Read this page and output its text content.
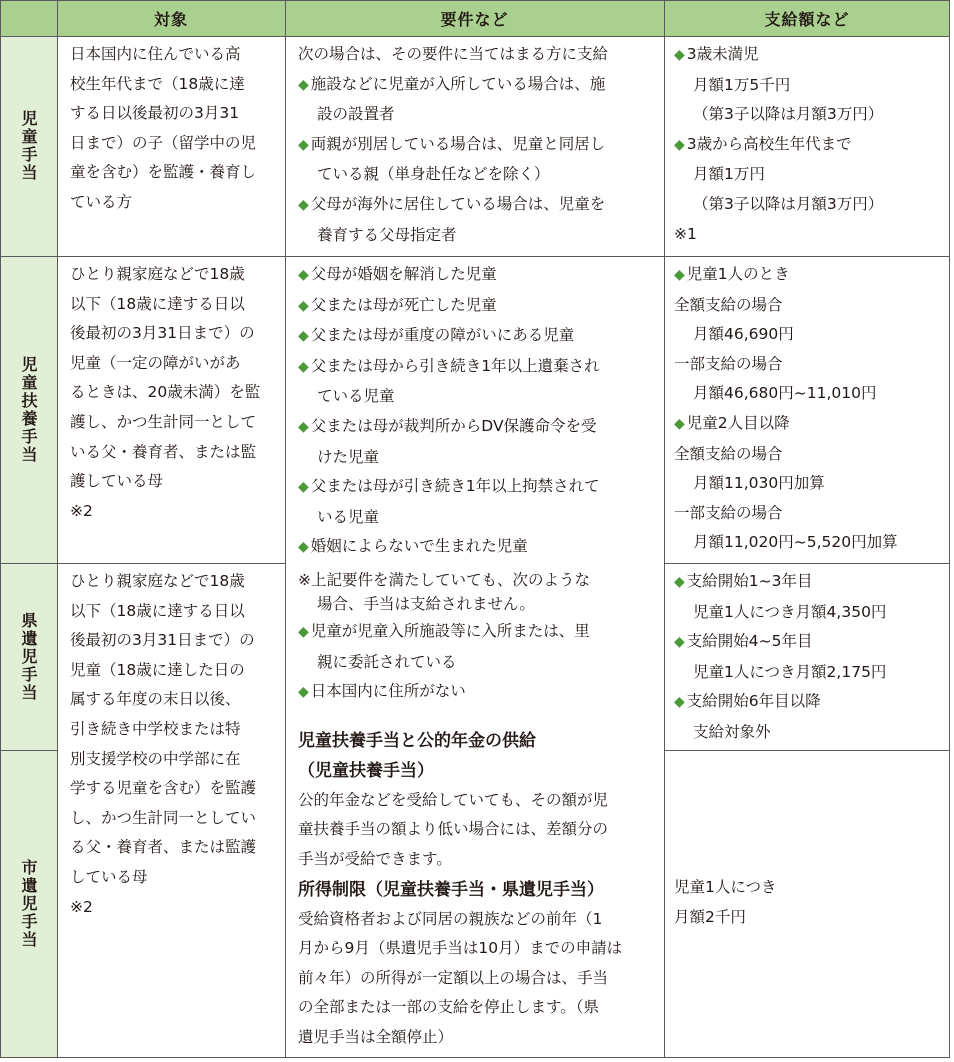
対象	要件など	支給額など
児童手当
児童扶養手当
県遺児手当
市遺児手当

日本国内に住んでいる高

校生年代まで（18歳に達

する日以後最初の3月31

日まで）の子（留学中の児

童を含む）を監護・養育し

ている方

次の場合は、その要件に当てはまる方に支給

◆ 施設などに児童が入所している場合は、施

設の設置者

◆ 両親が別居している場合は、児童と同居し

ている親（単身赴任などを除く）

◆ 父母が海外に居住している場合は、児童を

養育する父母指定者

◆ 3歳未満児

月額1万5千円

（第3子以降は月額3万円）

◆ 3歳から高校生年代まで

月額1万円

（第3子以降は月額3万円）

※1

ひとり親家庭などで18歳

以下（18歳に達する日以

後最初の3月31日まで）の

児童（一定の障がいがあ

るときは、20歳未満）を監

護し、かつ生計同一として

いる父・養育者、または監

護している母

※2

◆ 父母が婚姻を解消した児童

◆ 父または母が死亡した児童

◆ 父または母が重度の障がいにある児童

◆ 父または母から引き続き1年以上遺棄され

ている児童

◆ 父または母が裁判所からDV保護命令を受

けた児童

◆ 父または母が引き続き1年以上拘禁されて

いる児童

◆ 婚姻によらないで生まれた児童

※上記要件を満たしていても、次のような

場合、手当は支給されません。

◆ 児童が児童入所施設等に入所または、里

親に委託されている

◆ 日本国内に住所がない

児童扶養手当と公的年金の供給

（児童扶養手当）

公的年金などを受給していても、その額が児

童扶養手当の額より低い場合には、差額分の

手当が受給できます。

所得制限（児童扶養手当・県遺児手当）

受給資格者および同居の親族などの前年（1

月から9月（県遺児手当は10月）までの申請は

前々年）の所得が一定額以上の場合は、手当

の全部または一部の支給を停止します。（県

遺児手当は全額停止）

◆ 児童1人のとき

全額支給の場合

月額46,690円

一部支給の場合

月額46,680円~11,010円

◆ 児童2人目以降

全額支給の場合

月額11,030円加算

一部支給の場合

月額11,020円~5,520円加算

ひとり親家庭などで18歳

以下（18歳に達する日以

後最初の3月31日まで）の

児童（18歳に達した日の

属する年度の末日以後、

引き続き中学校または特

別支援学校の中学部に在

学する児童を含む）を監護

し、かつ生計同一としてい

る父・養育者、または監護

している母

※2

◆ 支給開始1~3年目

児童1人につき月額4,350円

◆ 支給開始4~5年目

児童1人につき月額2,175円

◆ 支給開始6年目以降

支給対象外

児童1人につき

月額2千円
